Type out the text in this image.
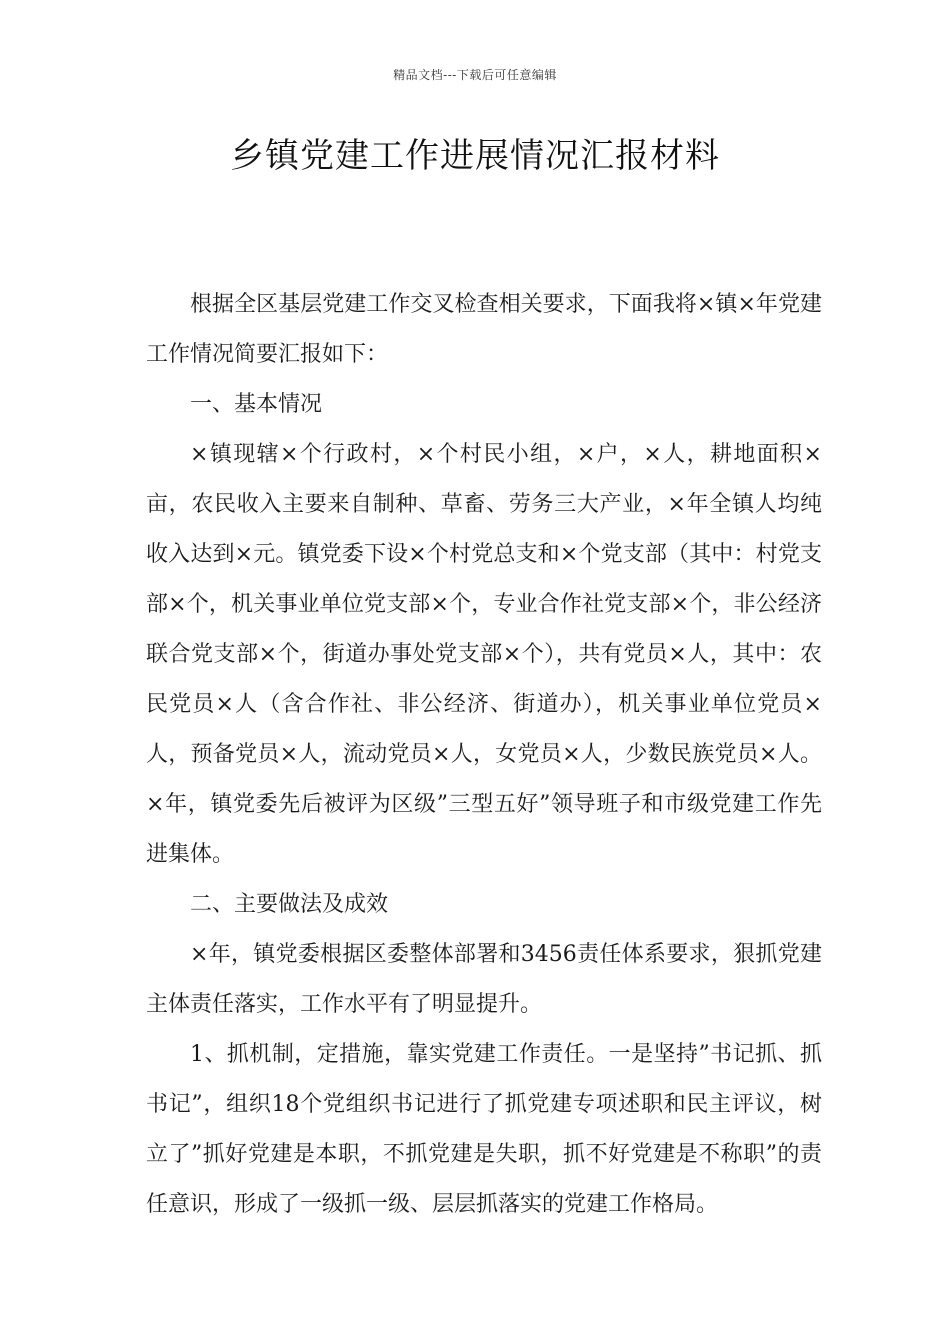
精品文档---下载后可任意编辑
乡镇党建工作进展情况汇报材料

根据全区基层党建工作交叉检查相关要求，下面我将×镇×年党建工作情况简要汇报如下：

一、基本情况

×镇现辖×个行政村，×个村民小组，×户，×人，耕地面积×亩，农民收入主要来自制种、草畜、劳务三大产业，×年全镇人均纯收入达到×元。镇党委下设×个村党总支和×个党支部（其中：村党支部×个，机关事业单位党支部×个，专业合作社党支部×个，非公经济联合党支部×个，街道办事处党支部×个），共有党员×人，其中：农民党员×人（含合作社、非公经济、街道办），机关事业单位党员×人，预备党员×人，流动党员×人，女党员×人，少数民族党员×人。×年，镇党委先后被评为区级”三型五好”领导班子和市级党建工作先进集体。

二、主要做法及成效

×年，镇党委根据区委整体部署和3456责任体系要求，狠抓党建主体责任落实，工作水平有了明显提升。

1、抓机制，定措施，靠实党建工作责任。一是坚持”书记抓、抓书记”，组织18个党组织书记进行了抓党建专项述职和民主评议，树立了”抓好党建是本职，不抓党建是失职，抓不好党建是不称职”的责任意识，形成了一级抓一级、层层抓落实的党建工作格局。
